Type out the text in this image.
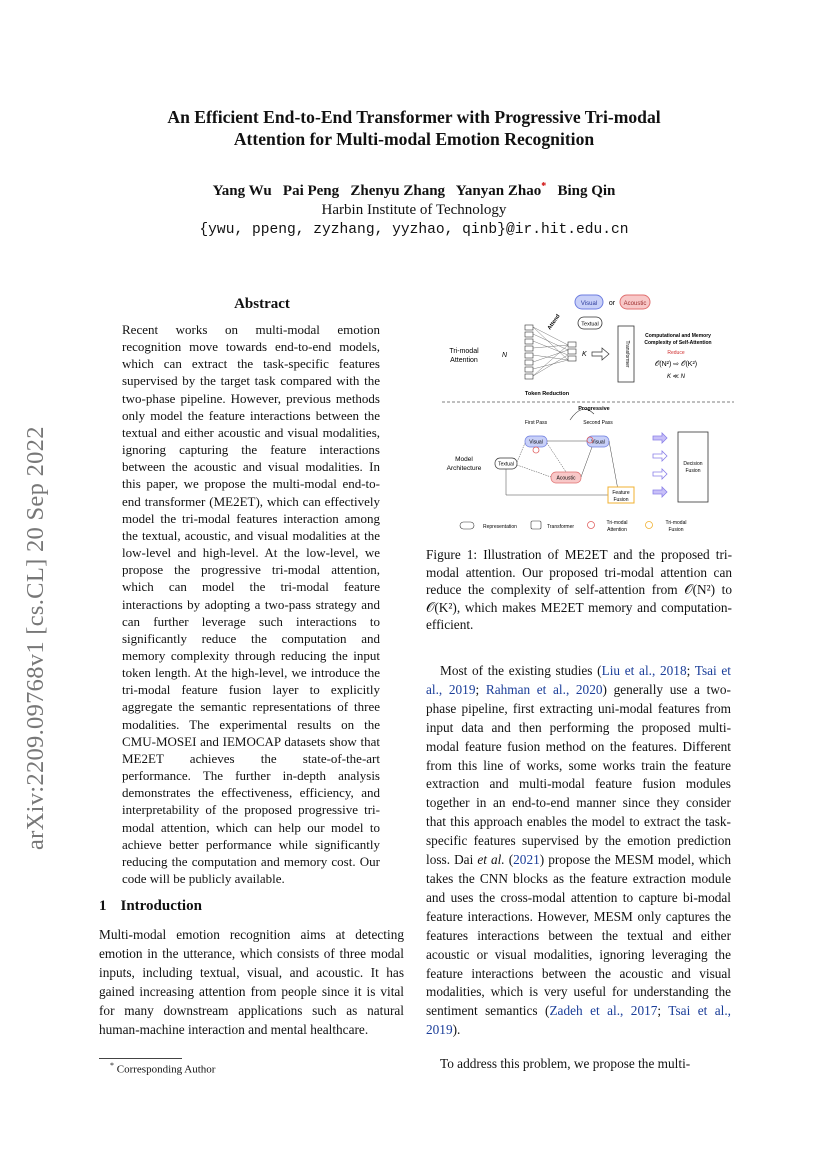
An Efficient End-to-End Transformer with Progressive Tri-modal
Attention for Multi-modal Emotion Recognition
Yang Wu Pai Peng Zhenyu Zhang Yanyan Zhao* Bing Qin
Harbin Institute of Technology
{ywu, ppeng, zyzhang, yyzhao, qinb}@ir.hit.edu.cn
arXiv:2209.09768v1 [cs.CL] 20 Sep 2022
Abstract
Recent works on multi-modal emotion recognition move towards end-to-end models, which can extract the task-specific features supervised by the target task compared with the two-phase pipeline. However, previous methods only model the feature interactions between the textual and either acoustic and visual modalities, ignoring capturing the feature interactions between the acoustic and visual modalities. In this paper, we propose the multi-modal end-to-end transformer (ME2ET), which can effectively model the tri-modal features interaction among the textual, acoustic, and visual modalities at the low-level and high-level. At the low-level, we propose the progressive tri-modal attention, which can model the tri-modal feature interactions by adopting a two-pass strategy and can further leverage such interactions to significantly reduce the computation and memory complexity through reducing the input token length. At the high-level, we introduce the tri-modal feature fusion layer to explicitly aggregate the semantic representations of three modalities. The experimental results on the CMU-MOSEI and IEMOCAP datasets show that ME2ET achieves the state-of-the-art performance. The further in-depth analysis demonstrates the effectiveness, efficiency, and interpretability of the proposed progressive tri-modal attention, which can help our model to achieve better performance while significantly reducing the computation and memory cost. Our code will be publicly available.
1 Introduction
Multi-modal emotion recognition aims at detecting emotion in the utterance, which consists of three modal inputs, including textual, visual, and acoustic. It has gained increasing attention from people since it is vital for many downstream applications such as natural human-machine interaction and mental healthcare.
* Corresponding Author
Visual or Acoustic
Textual
Attend
Tri-modal
Attention
N	K	Transformer
Computational and Memory
Complexity of Self-Attention
Reduce
𝒪(N²) ⇨ 𝒪(K²)
K ≪ N
Token Reduction
Progressive
First Pass	Second Pass
Model
Architecture
Textual
Visual
Acoustic
Visual
Feature
Fusion
Decision
Fusion
Representation	Transformer
Tri-modal
Attention
Tri-modal
Fusion
Figure 1: Illustration of ME2ET and the proposed tri-modal attention. Our proposed tri-modal attention can reduce the complexity of self-attention from 𝒪(N²) to 𝒪(K²), which makes ME2ET memory and computation-efficient.
Most of the existing studies (Liu et al., 2018; Tsai et al., 2019; Rahman et al., 2020) generally use a two-phase pipeline, first extracting uni-modal features from input data and then performing the proposed multi-modal feature fusion method on the features. Different from this line of works, some works train the feature extraction and multi-modal feature fusion modules together in an end-to-end manner since they consider that this approach enables the model to extract the task-specific features supervised by the emotion prediction loss. Dai et al. (2021) propose the MESM model, which takes the CNN blocks as the feature extraction module and uses the cross-modal attention to capture bi-modal feature interactions. However, MESM only captures the features interactions between the textual and either acoustic or visual modalities, ignoring leveraging the feature interactions between the acoustic and visual modalities, which is very useful for understanding the sentiment semantics (Zadeh et al., 2017; Tsai et al., 2019).
To address this problem, we propose the multi-
